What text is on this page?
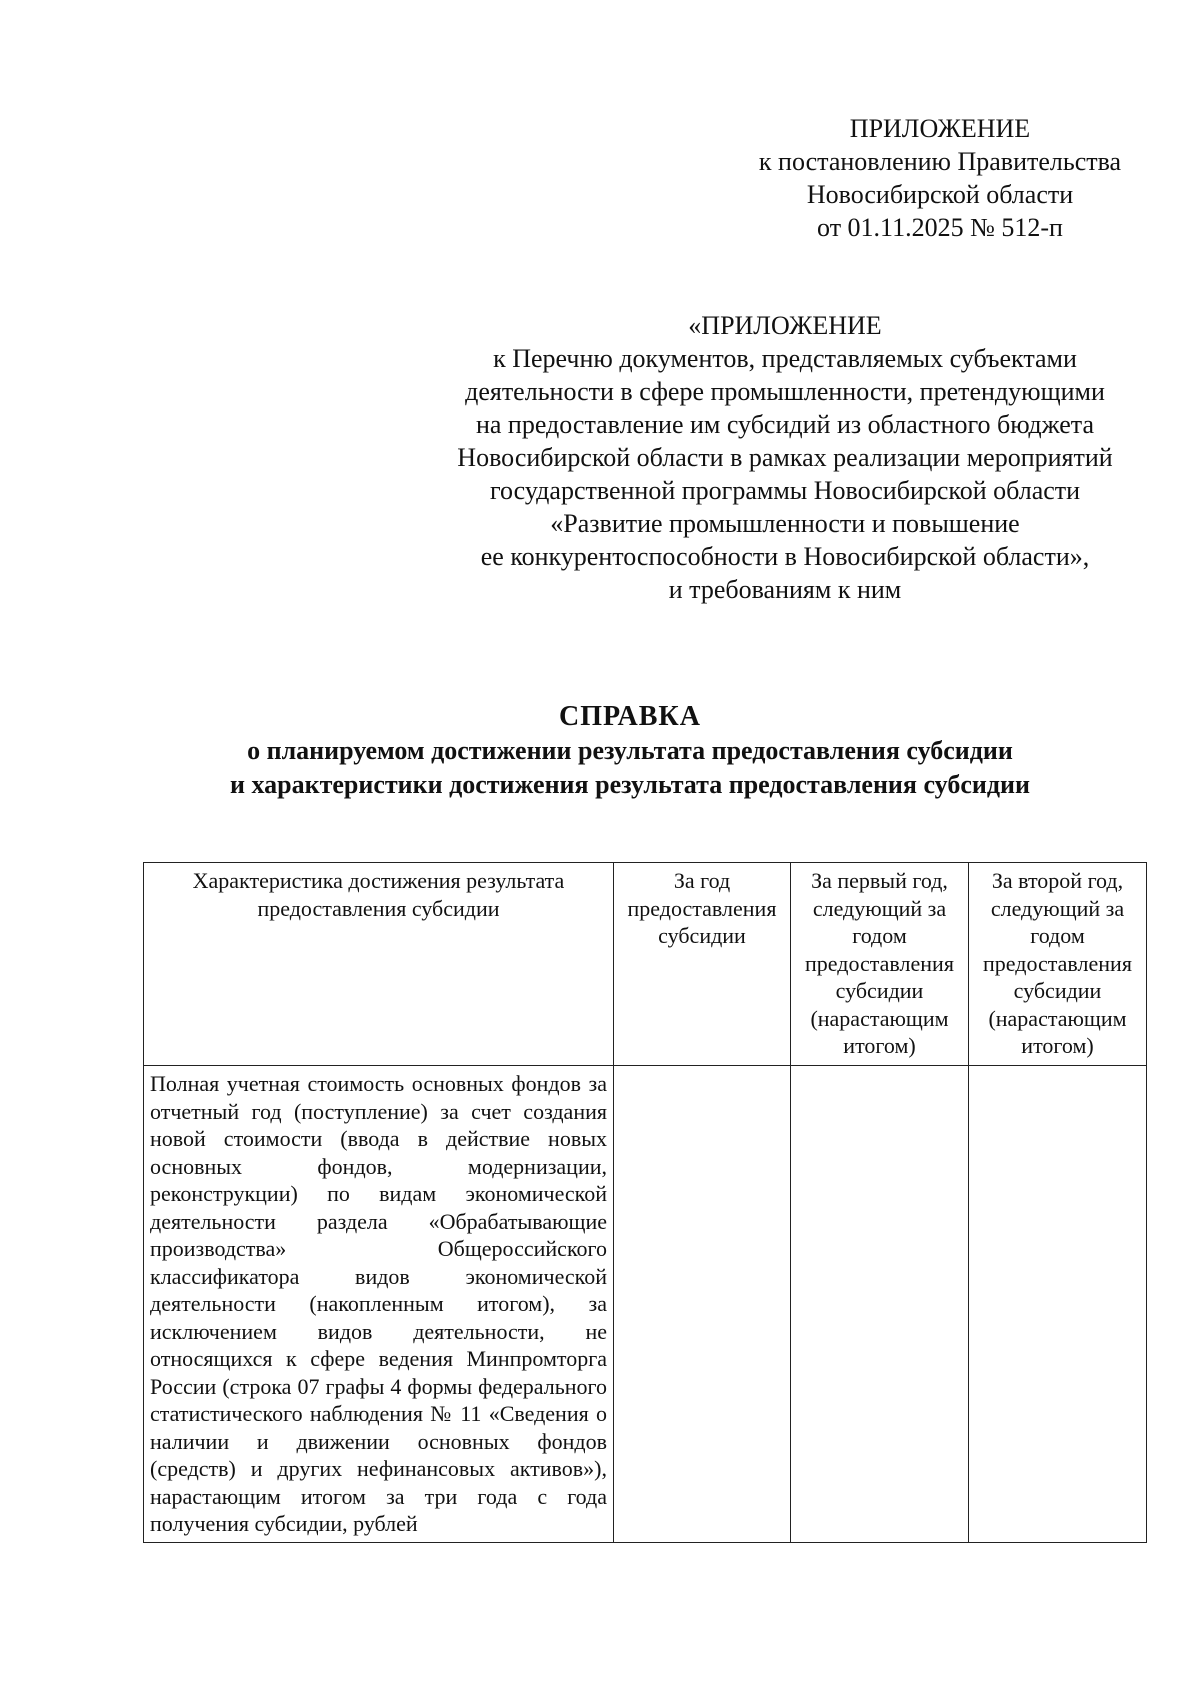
ПРИЛОЖЕНИЕ
к постановлению Правительства
Новосибирской области
от 01.11.2025 № 512-п
«ПРИЛОЖЕНИЕ
к Перечню документов, представляемых субъектами
деятельности в сфере промышленности, претендующими
на предоставление им субсидий из областного бюджета
Новосибирской области в рамках реализации мероприятий
государственной программы Новосибирской области
«Развитие промышленности и повышение
ее конкурентоспособности в Новосибирской области»,
и требованиям к ним
СПРАВКА
о планируемом достижении результата предоставления субсидии
и характеристики достижения результата предоставления субсидии
Характеристика достижения результата предоставления субсидии	За год предоставления субсидии	За первый год, следующий за годом предоставления субсидии (нарастающим итогом)	За второй год, следующий за годом предоставления субсидии (нарастающим итогом)
Полная учетная стоимость основных фондов за отчетный год (поступление) за счет создания новой стоимости (ввода в действие новых основных фондов, модернизации, реконструкции) по видам экономической деятельности раздела «Обрабатывающие производства» Общероссийского классификатора видов экономической деятельности (накопленным итогом), за исключением видов деятельности, не относящихся к сфере ведения Минпромторга России (строка 07 графы 4 формы федерального статистического наблюдения № 11 «Сведения о наличии и движении основных фондов (средств) и других нефинансовых активов»), нарастающим итогом за три года с года получения субсидии, рублей			
